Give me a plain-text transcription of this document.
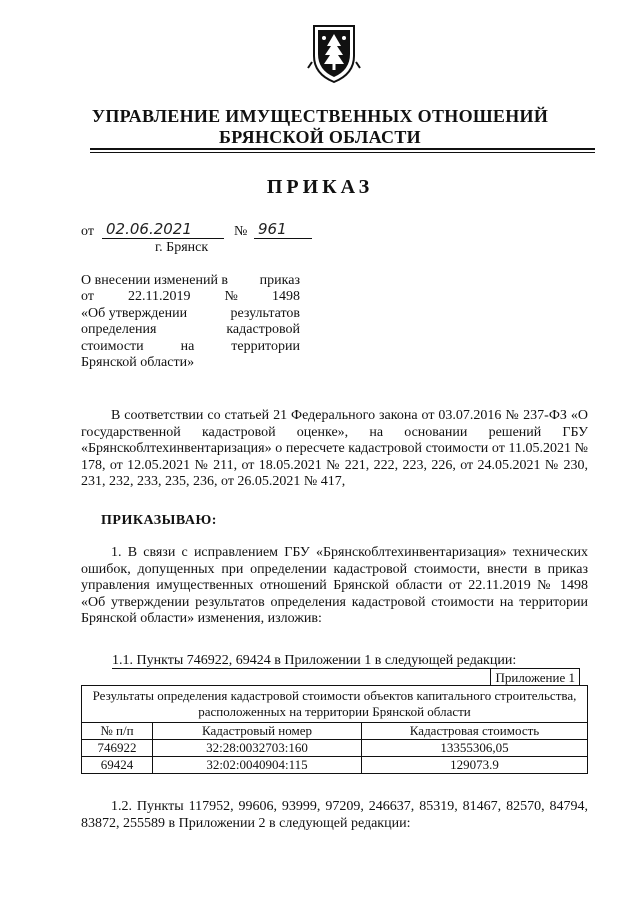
УПРАВЛЕНИЕ ИМУЩЕСТВЕННЫХ ОТНОШЕНИЙ
БРЯНСКОЙ ОБЛАСТИ
ПРИКАЗ
от 02.06.2021	№ 961
г. Брянск
О внесении изменений в приказ
от 22.11.2019 № 1498
«Об утверждении	результатов
определения	кадастровой
стоимости	на	территории
Брянской области»
В соответствии со статьей 21 Федерального закона от 03.07.2016 № 237-ФЗ «О государственной кадастровой оценке», на основании решений ГБУ «Брянскоблтехинвентаризация» о пересчете кадастровой стоимости от 11.05.2021 № 178, от 12.05.2021 № 211, от 18.05.2021 № 221, 222, 223, 226, от 24.05.2021 № 230, 231, 232, 233, 235, 236, от 26.05.2021 № 417,
ПРИКАЗЫВАЮ:
1. В связи с исправлением ГБУ «Брянскоблтехинвентаризация» технических ошибок, допущенных при определении кадастровой стоимости, внести в приказ управления имущественных отношений Брянской области от 22.11.2019 № 1498 «Об утверждении результатов определения кадастровой стоимости на территории Брянской области» изменения, изложив:
1.1. Пункты 746922, 69424 в Приложении 1 в следующей редакции:
Приложение 1
Результаты определения кадастровой стоимости объектов капитального строительства, расположенных на территории Брянской области		
№ п/п	Кадастровый номер	Кадастровая стоимость
746922	32:28:0032703:160	13355306,05
69424	32:02:0040904:115	129073.9
1.2. Пункты 117952, 99606, 93999, 97209, 246637, 85319, 81467, 82570, 84794, 83872, 255589 в Приложении 2 в следующей редакции:
